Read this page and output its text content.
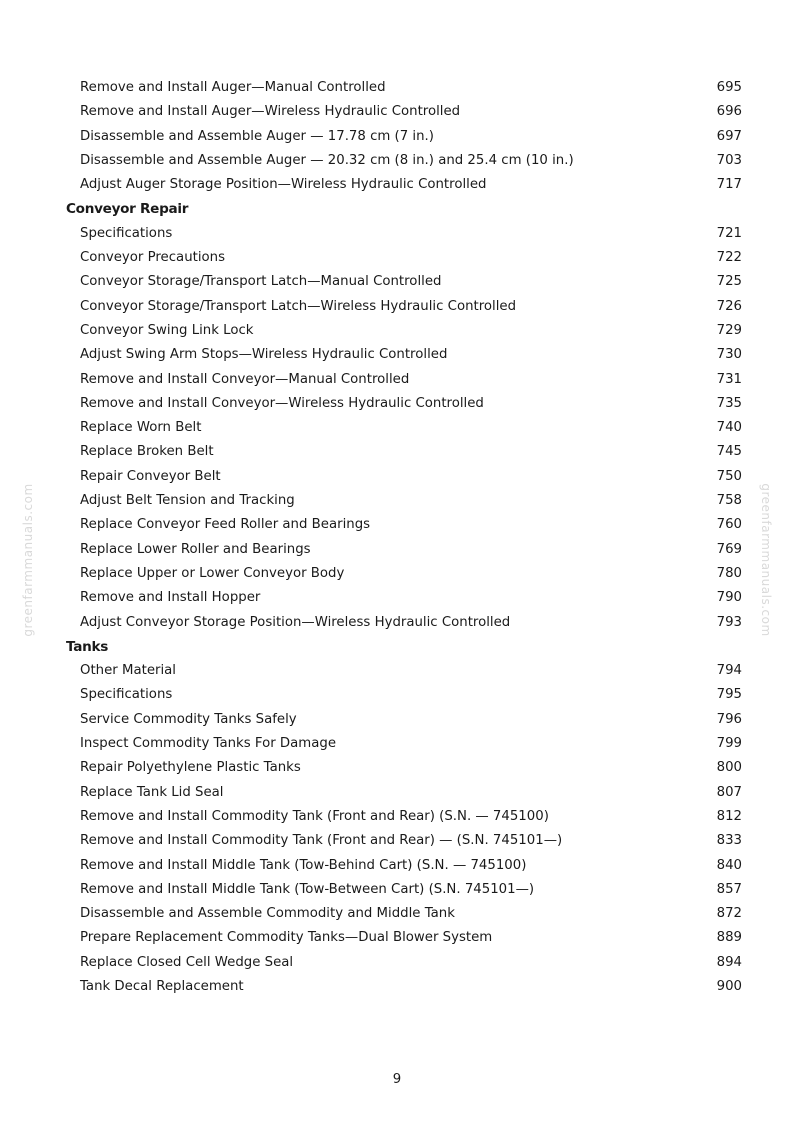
greenfarmmanuals.com	greenfarmmanuals.com
Remove and Install Auger—Manual Controlled	695
Remove and Install Auger—Wireless Hydraulic Controlled	696
Disassemble and Assemble Auger — 17.78 cm (7 in.)	697
Disassemble and Assemble Auger — 20.32 cm (8 in.) and 25.4 cm (10 in.)	703
Adjust Auger Storage Position—Wireless Hydraulic Controlled	717
Conveyor Repair
Specifications	721
Conveyor Precautions	722
Conveyor Storage/Transport Latch—Manual Controlled	725
Conveyor Storage/Transport Latch—Wireless Hydraulic Controlled	726
Conveyor Swing Link Lock	729
Adjust Swing Arm Stops—Wireless Hydraulic Controlled	730
Remove and Install Conveyor—Manual Controlled	731
Remove and Install Conveyor—Wireless Hydraulic Controlled	735
Replace Worn Belt	740
Replace Broken Belt	745
Repair Conveyor Belt	750
Adjust Belt Tension and Tracking	758
Replace Conveyor Feed Roller and Bearings	760
Replace Lower Roller and Bearings	769
Replace Upper or Lower Conveyor Body	780
Remove and Install Hopper	790
Adjust Conveyor Storage Position—Wireless Hydraulic Controlled	793
Tanks
Other Material	794
Specifications	795
Service Commodity Tanks Safely	796
Inspect Commodity Tanks For Damage	799
Repair Polyethylene Plastic Tanks	800
Replace Tank Lid Seal	807
Remove and Install Commodity Tank (Front and Rear) (S.N. — 745100)	812
Remove and Install Commodity Tank (Front and Rear) — (S.N. 745101—)	833
Remove and Install Middle Tank (Tow-Behind Cart) (S.N. — 745100)	840
Remove and Install Middle Tank (Tow-Between Cart) (S.N. 745101—)	857
Disassemble and Assemble Commodity and Middle Tank	872
Prepare Replacement Commodity Tanks—Dual Blower System	889
Replace Closed Cell Wedge Seal	894
Tank Decal Replacement	900
9
